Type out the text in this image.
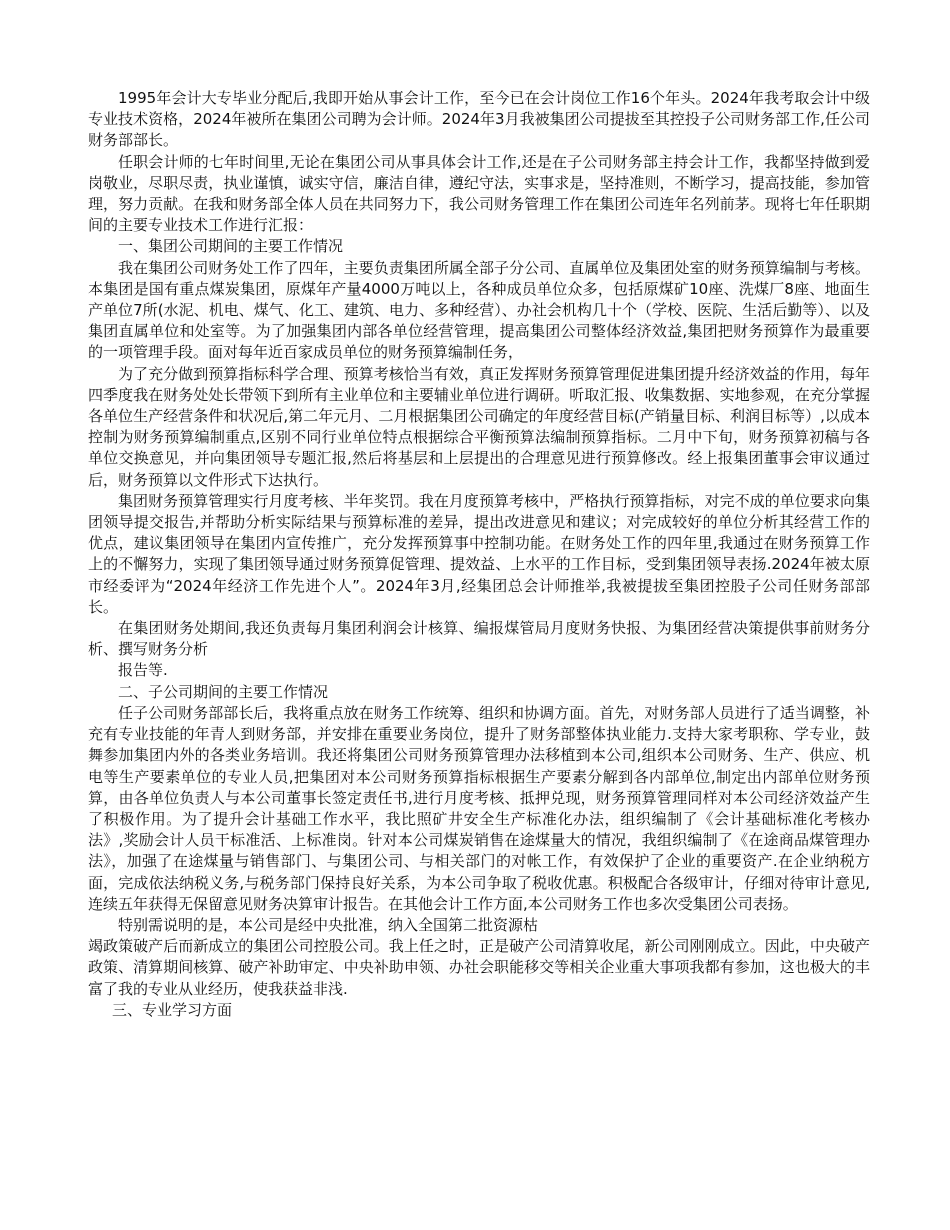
1995年会计大专毕业分配后,我即开始从事会计工作，至今已在会计岗位工作16个年头。2024年我考取会计中级专业技术资格，2024年被所在集团公司聘为会计师。2024年3月我被集团公司提拔至其控投子公司财务部工作,任公司财务部部长。

任职会计师的七年时间里,无论在集团公司从事具体会计工作,还是在子公司财务部主持会计工作，我都坚持做到爱岗敬业，尽职尽责，执业谨慎，诚实守信，廉洁自律，遵纪守法，实事求是，坚持准则，不断学习，提高技能，参加管理，努力贡献。在我和财务部全体人员在共同努力下，我公司财务管理工作在集团公司连年名列前茅。现将七年任职期间的主要专业技术工作进行汇报：

一、集团公司期间的主要工作情况

我在集团公司财务处工作了四年，主要负责集团所属全部子分公司、直属单位及集团处室的财务预算编制与考核。本集团是国有重点煤炭集团，原煤年产量4000万吨以上，各种成员单位众多，包括原煤矿10座、洗煤厂8座、地面生产单位7所(水泥、机电、煤气、化工、建筑、电力、多种经营）、办社会机构几十个（学校、医院、生活后勤等）、以及集团直属单位和处室等。为了加强集团内部各单位经营管理，提高集团公司整体经济效益,集团把财务预算作为最重要的一项管理手段。面对每年近百家成员单位的财务预算编制任务，

为了充分做到预算指标科学合理、预算考核恰当有效，真正发挥财务预算管理促进集团提升经济效益的作用，每年四季度我在财务处处长带领下到所有主业单位和主要辅业单位进行调研。听取汇报、收集数据、实地参观，在充分掌握各单位生产经营条件和状况后,第二年元月、二月根据集团公司确定的年度经营目标(产销量目标、利润目标等）,以成本控制为财务预算编制重点,区别不同行业单位特点根据综合平衡预算法编制预算指标。二月中下旬，财务预算初稿与各单位交换意见，并向集团领导专题汇报,然后将基层和上层提出的合理意见进行预算修改。经上报集团董事会审议通过后，财务预算以文件形式下达执行。

集团财务预算管理实行月度考核、半年奖罚。我在月度预算考核中，严格执行预算指标，对完不成的单位要求向集团领导提交报告,并帮助分析实际结果与预算标准的差异，提出改进意见和建议；对完成较好的单位分析其经营工作的优点，建议集团领导在集团内宣传推广，充分发挥预算事中控制功能。在财务处工作的四年里,我通过在财务预算工作上的不懈努力，实现了集团领导通过财务预算促管理、提效益、上水平的工作目标，受到集团领导表扬.2024年被太原市经委评为“2024年经济工作先进个人”。2024年3月,经集团总会计师推举,我被提拔至集团控股子公司任财务部部长。

在集团财务处期间,我还负责每月集团利润会计核算、编报煤管局月度财务快报、为集团经营决策提供事前财务分析、撰写财务分析

报告等.

二、子公司期间的主要工作情况

任子公司财务部部长后，我将重点放在财务工作统筹、组织和协调方面。首先，对财务部人员进行了适当调整，补充有专业技能的年青人到财务部，并安排在重要业务岗位，提升了财务部整体执业能力.支持大家考职称、学专业，鼓舞参加集团内外的各类业务培训。我还将集团公司财务预算管理办法移植到本公司,组织本公司财务、生产、供应、机电等生产要素单位的专业人员,把集团对本公司财务预算指标根据生产要素分解到各内部单位,制定出内部单位财务预算，由各单位负责人与本公司董事长签定责任书,进行月度考核、抵押兑现，财务预算管理同样对本公司经济效益产生了积极作用。为了提升会计基础工作水平，我比照矿井安全生产标准化办法，组织编制了《会计基础标准化考核办法》,奖励会计人员干标准活、上标准岗。针对本公司煤炭销售在途煤量大的情况，我组织编制了《在途商品煤管理办法》，加强了在途煤量与销售部门、与集团公司、与相关部门的对帐工作，有效保护了企业的重要资产.在企业纳税方面，完成依法纳税义务,与税务部门保持良好关系，为本公司争取了税收优惠。积极配合各级审计，仔细对待审计意见,连续五年获得无保留意见财务决算审计报告。在其他会计工作方面,本公司财务工作也多次受集团公司表扬。

特别需说明的是，本公司是经中央批准，纳入全国第二批资源枯

竭政策破产后而新成立的集团公司控股公司。我上任之时，正是破产公司清算收尾，新公司刚刚成立。因此，中央破产政策、清算期间核算、破产补助审定、中央补助申领、办社会职能移交等相关企业重大事项我都有参加，这也极大的丰富了我的专业从业经历，使我获益非浅.

三、专业学习方面
